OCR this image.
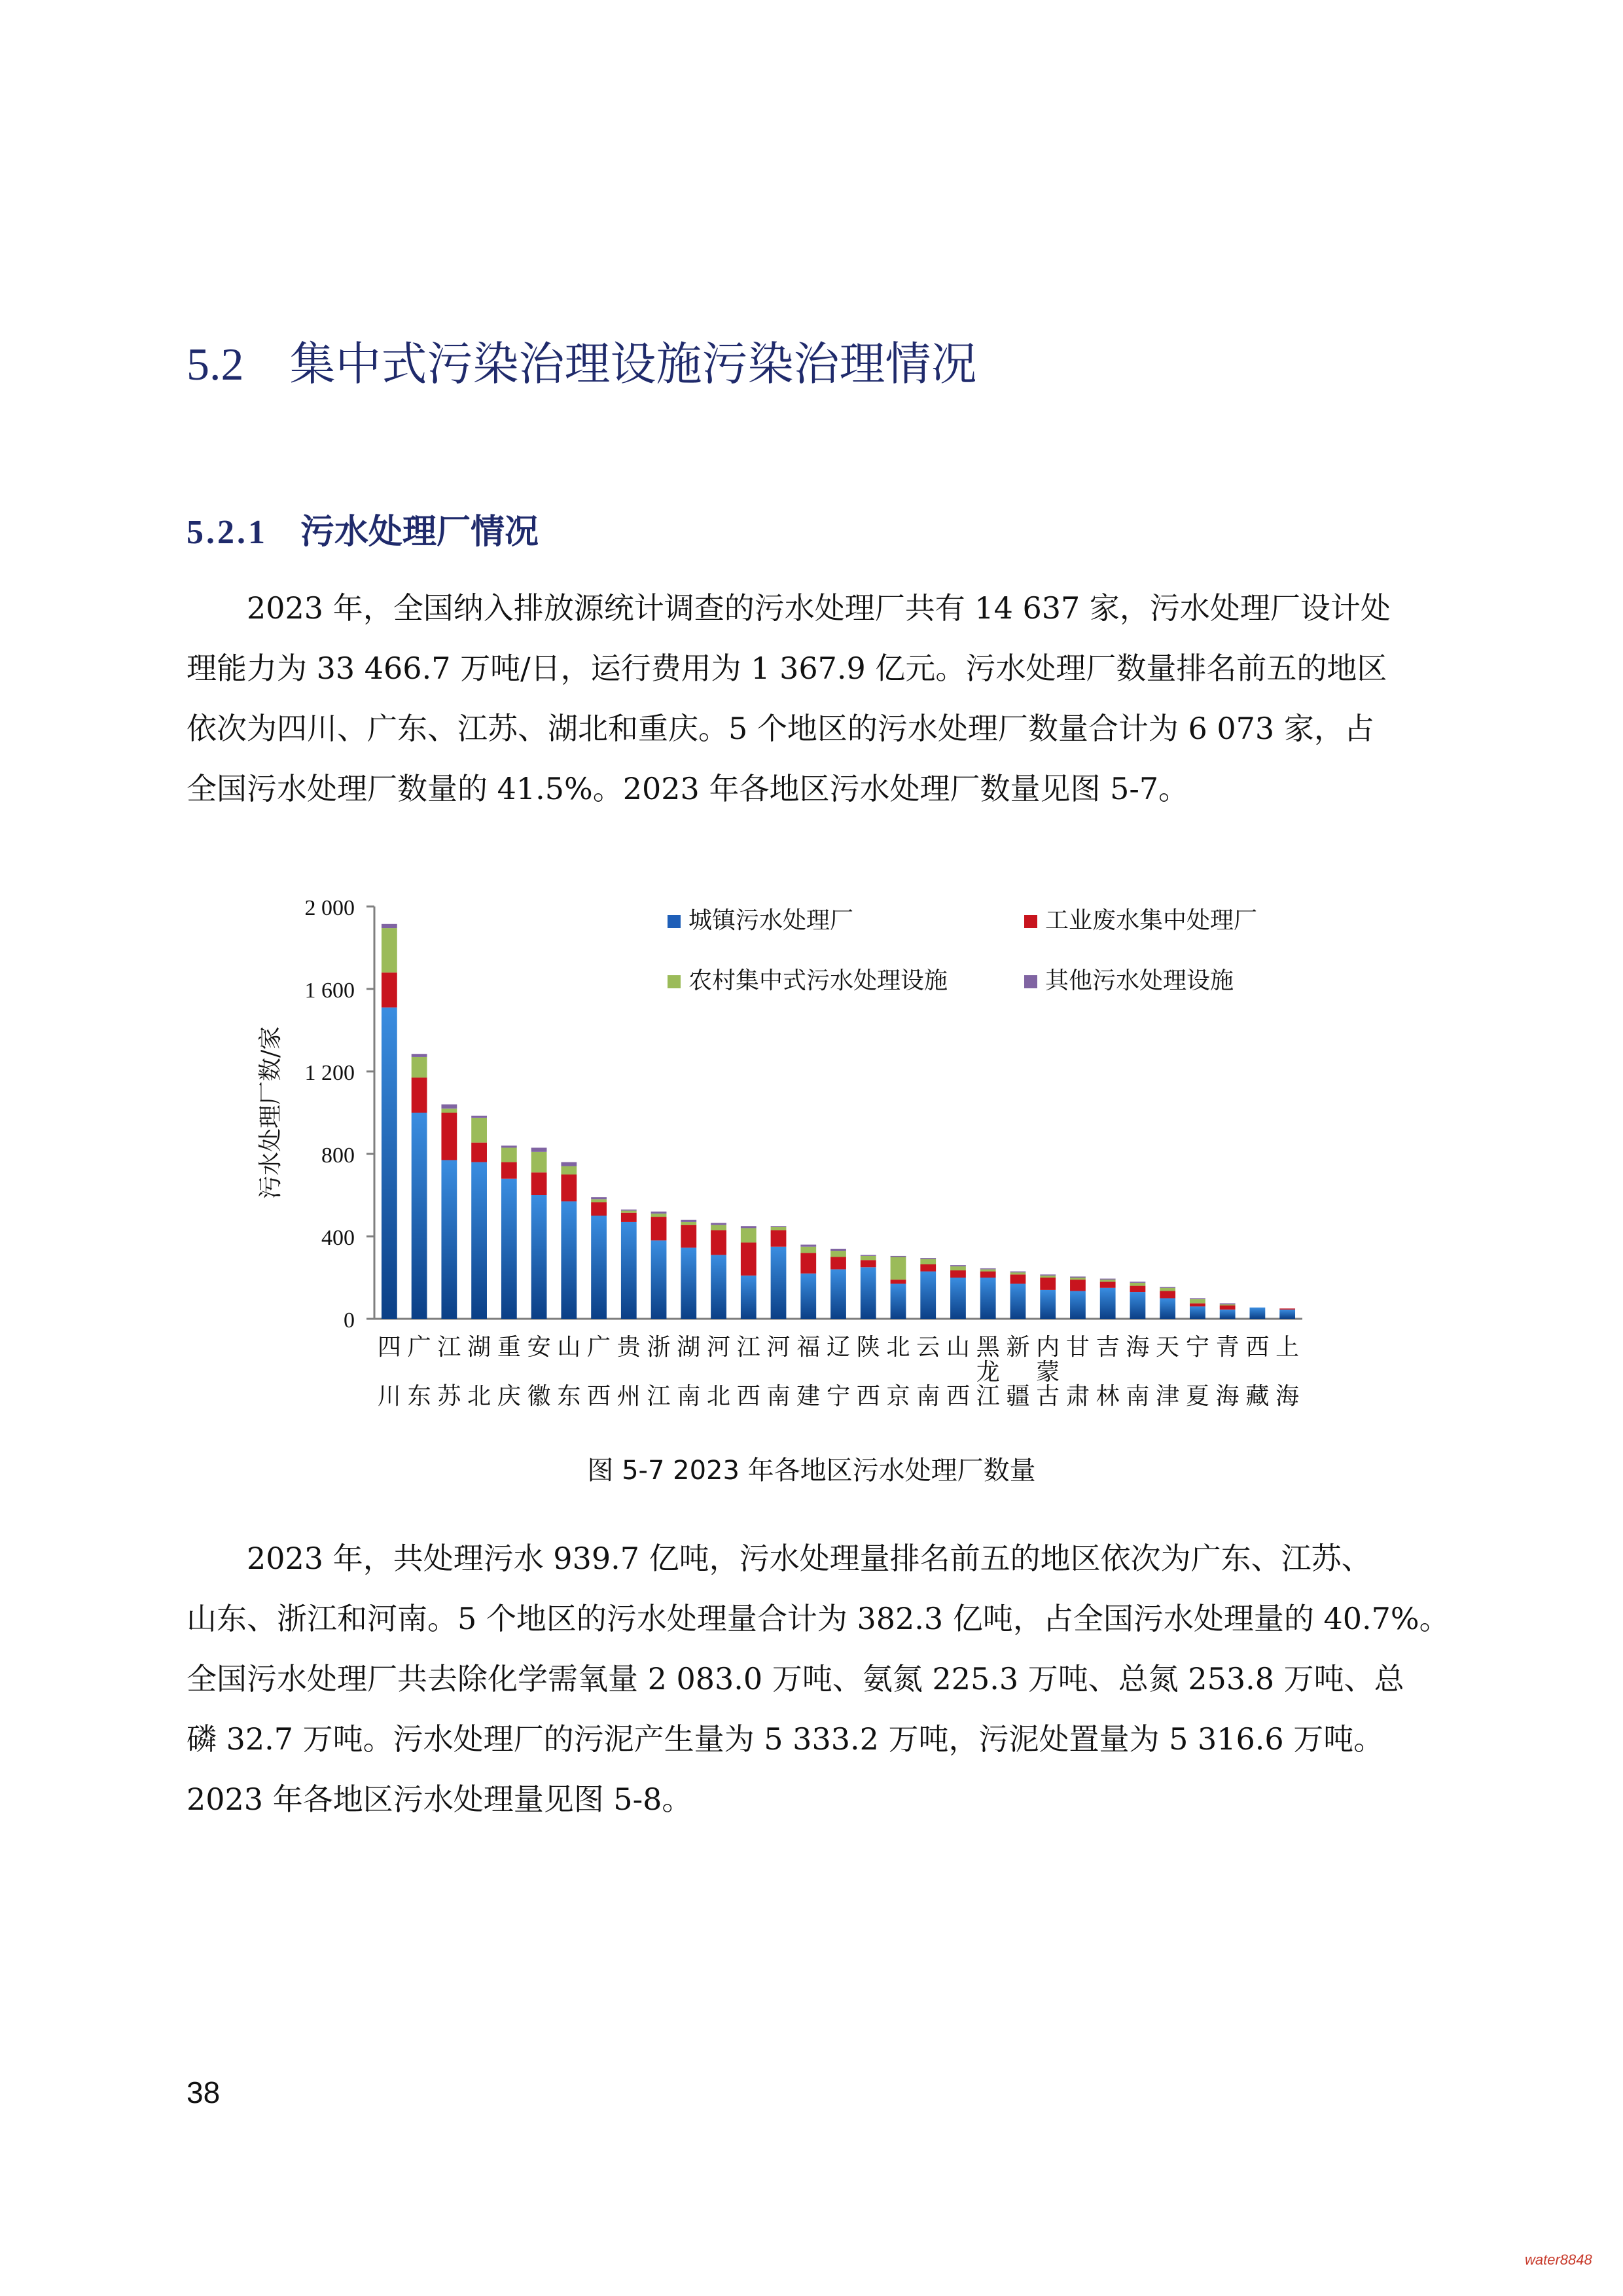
5.2 集中式污染治理设施污染治理情况
5.2.1 污水处理厂情况
2023 年，全国纳入排放源统计调查的污水处理厂共有 14 637 家，污水处理厂设计处
理能力为 33 466.7 万吨/日，运行费用为 1 367.9 亿元。污水处理厂数量排名前五的地区
依次为四川、广东、江苏、湖北和重庆。5 个地区的污水处理厂数量合计为 6 073 家，占
全国污水处理厂数量的 41.5%。2023 年各地区污水处理厂数量见图 5-7。
0
400
800
1 200
1 600
2 000
污水处理厂数/家
四
川
广
东
江
苏
湖
北
重
庆
安
徽
山
东
广
西
贵
州
浙
江
湖
南
河
北
江
西
河
南
福
建
辽
宁
陕
西
北
京
云
南
山
西
黑
龙
江
新
疆
内
蒙
古
甘
肃
吉
林
海
南
天
津
宁
夏
青
海
西
藏
上
海
城镇污水处理厂	工业废水集中处理厂
农村集中式污水处理设施	其他污水处理设施
图 5-7 2023 年各地区污水处理厂数量
2023 年，共处理污水 939.7 亿吨，污水处理量排名前五的地区依次为广东、江苏、
山东、浙江和河南。5 个地区的污水处理量合计为 382.3 亿吨，占全国污水处理量的 40.7%。
全国污水处理厂共去除化学需氧量 2 083.0 万吨、氨氮 225.3 万吨、总氮 253.8 万吨、总
磷 32.7 万吨。污水处理厂的污泥产生量为 5 333.2 万吨，污泥处置量为 5 316.6 万吨。
2023 年各地区污水处理量见图 5-8。
38
water8848
